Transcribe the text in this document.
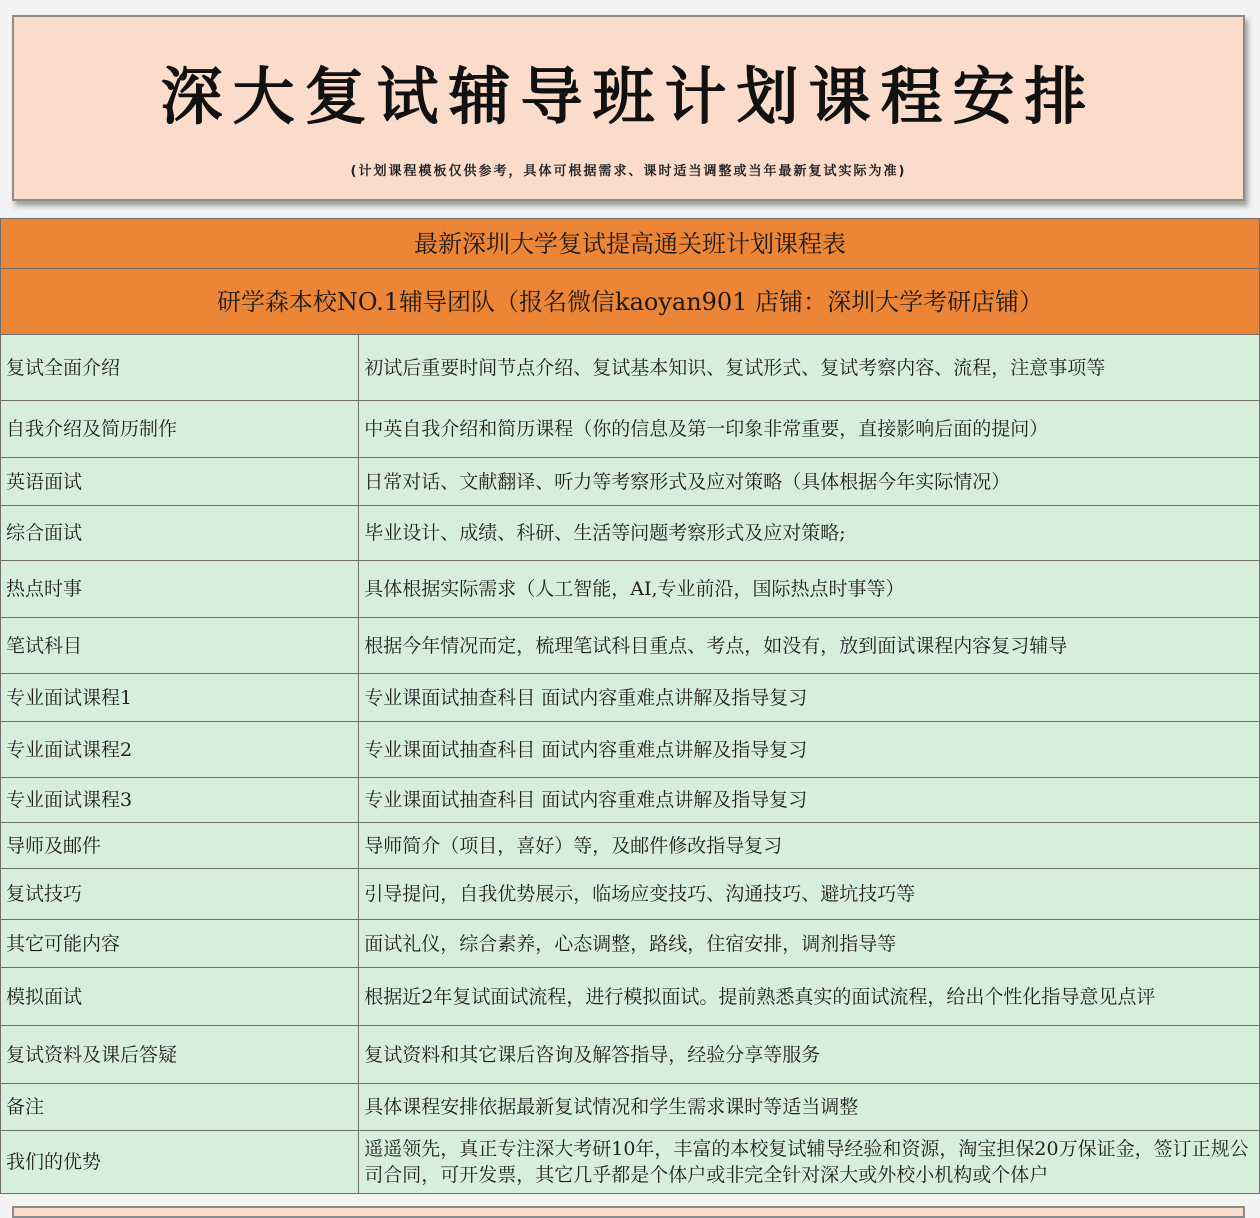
深大复试辅导班计划课程安排
(计划课程模板仅供参考，具体可根据需求、课时适当调整或当年最新复试实际为准)
最新深圳大学复试提高通关班计划课程表	
研学森本校NO.1辅导团队（报名微信kaoyan901 店铺：深圳大学考研店铺）	
复试全面介绍	初试后重要时间节点介绍、复试基本知识、复试形式、复试考察内容、流程，注意事项等
自我介绍及简历制作	中英自我介绍和简历课程（你的信息及第一印象非常重要，直接影响后面的提问）
英语面试	日常对话、文献翻译、听力等考察形式及应对策略（具体根据今年实际情况）
综合面试	毕业设计、成绩、科研、生活等问题考察形式及应对策略;
热点时事	具体根据实际需求（人工智能，AI,专业前沿，国际热点时事等）
笔试科目	根据今年情况而定，梳理笔试科目重点、考点，如没有，放到面试课程内容复习辅导
专业面试课程1	专业课面试抽查科目 面试内容重难点讲解及指导复习
专业面试课程2	专业课面试抽查科目 面试内容重难点讲解及指导复习
专业面试课程3	专业课面试抽查科目 面试内容重难点讲解及指导复习
导师及邮件	导师简介（项目，喜好）等，及邮件修改指导复习
复试技巧	引导提问，自我优势展示，临场应变技巧、沟通技巧、避坑技巧等
其它可能内容	面试礼仪，综合素养，心态调整，路线，住宿安排，调剂指导等
模拟面试	根据近2年复试面试流程，进行模拟面试。提前熟悉真实的面试流程，给出个性化指导意见点评
复试资料及课后答疑	复试资料和其它课后咨询及解答指导，经验分享等服务
备注	具体课程安排依据最新复试情况和学生需求课时等适当调整
我们的优势	遥遥领先，真正专注深大考研10年，丰富的本校复试辅导经验和资源，淘宝担保20万保证金，签订正规公司合同，可开发票，其它几乎都是个体户或非完全针对深大或外校小机构或个体户
